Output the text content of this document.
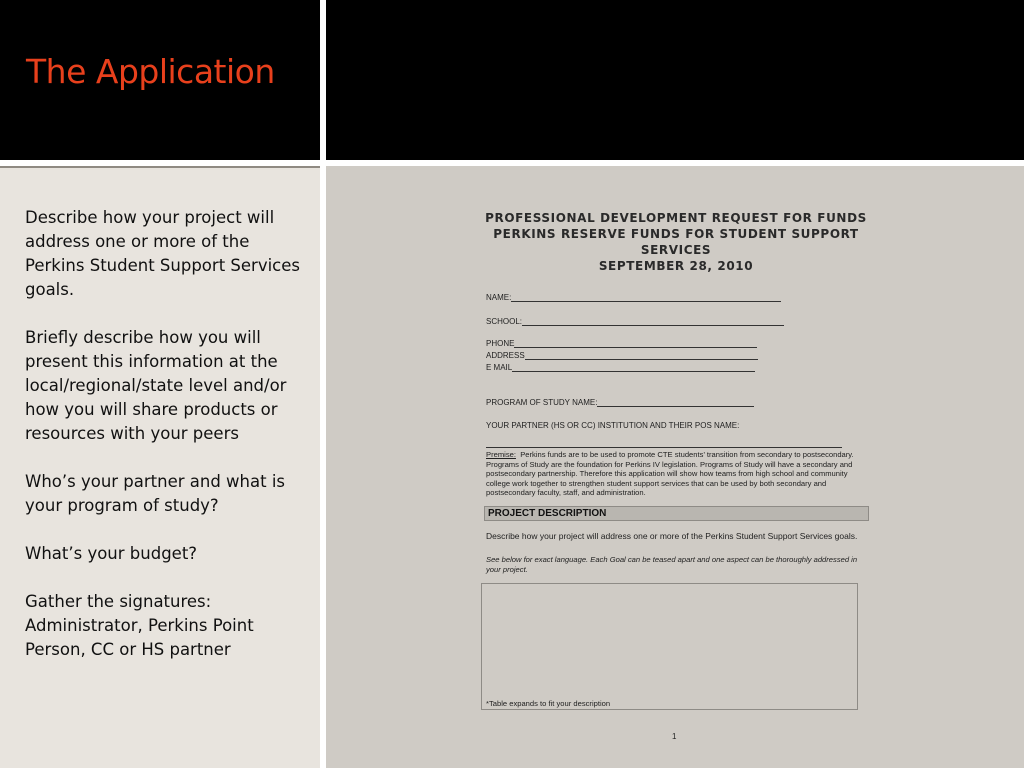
The Application

Describe how your project will address one or more of the Perkins Student Support Services goals.

Briefly describe how you will present this information at the local/regional/state level and/or how you will share products or resources with your peers

Who’s your partner and what is your program of study?

What’s your budget?

Gather the signatures: Administrator, Perkins Point Person, CC or HS partner

PROFESSIONAL DEVELOPMENT REQUEST FOR FUNDS
PERKINS RESERVE FUNDS FOR STUDENT SUPPORT SERVICES
SEPTEMBER 28, 2010
NAME:
SCHOOL:
PHONE
ADDRESS
E MAIL
PROGRAM OF STUDY NAME:
YOUR PARTNER (HS OR CC) INSTITUTION AND THEIR POS NAME:
Premise: Perkins funds are to be used to promote CTE students’ transition from secondary to postsecondary. Programs of Study are the foundation for Perkins IV legislation. Programs of Study will have a secondary and postsecondary partnership. Therefore this application will show how teams from high school and community college work together to strengthen student support services that can be used by both secondary and postsecondary faculty, staff, and administration.
PROJECT DESCRIPTION
Describe how your project will address one or more of the Perkins Student Support Services goals.
See below for exact language. Each Goal can be teased apart and one aspect can be thoroughly addressed in your project.
*Table expands to fit your description
1
